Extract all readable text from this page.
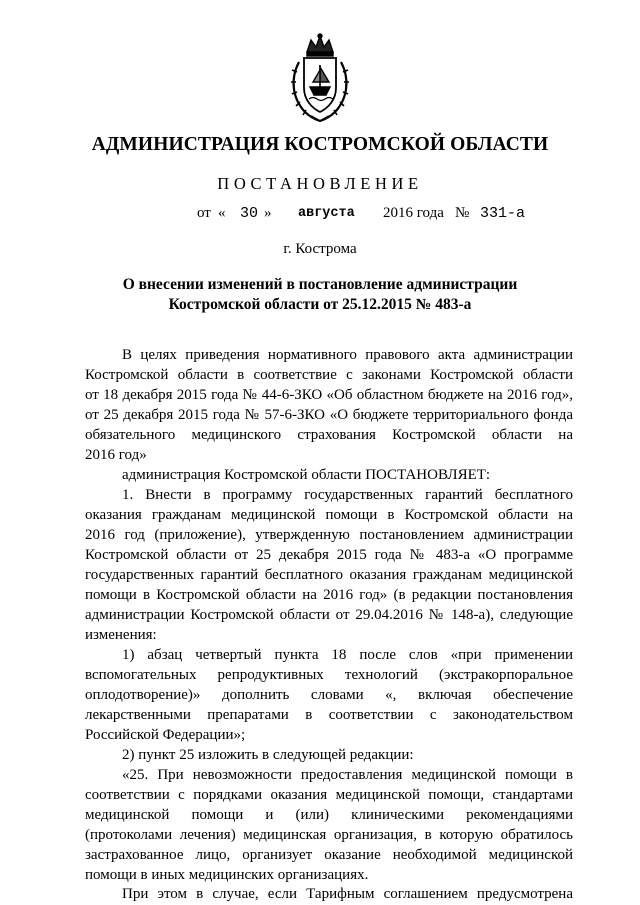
АДМИНИСТРАЦИЯ КОСТРОМСКОЙ ОБЛАСТИ
ПОСТАНОВЛЕНИЕ
от « 30 » августа 2016 года № 331-а
г. Кострома
О внесении изменений в постановление администрации
Костромской области от 25.12.2015 № 483-а
В целях приведения нормативного правового акта администрации
Костромской области в соответствие с законами Костромской области
от 18 декабря 2015 года № 44-6-ЗКО «Об областном бюджете на 2016 год»,
от 25 декабря 2015 года № 57-6-ЗКО «О бюджете территориального фонда
обязательного медицинского страхования Костромской области на
2016 год»
администрация Костромской области ПОСТАНОВЛЯЕТ:
1. Внести в программу государственных гарантий бесплатного
оказания гражданам медицинской помощи в Костромской области на
2016 год (приложение), утвержденную постановлением администрации
Костромской области от 25 декабря 2015 года № 483-а «О программе
государственных гарантий бесплатного оказания гражданам медицинской
помощи в Костромской области на 2016 год» (в редакции постановления
администрации Костромской области от 29.04.2016 № 148-а), следующие
изменения:
1) абзац четвертый пункта 18 после слов «при применении
вспомогательных репродуктивных технологий (экстракорпоральное
оплодотворение)» дополнить словами «, включая обеспечение
лекарственными препаратами в соответствии с законодательством
Российской Федерации»;
2) пункт 25 изложить в следующей редакции:
«25. При невозможности предоставления медицинской помощи в
соответствии с порядками оказания медицинской помощи, стандартами
медицинской помощи и (или) клиническими рекомендациями
(протоколами лечения) медицинская организация, в которую обратилось
застрахованное лицо, организует оказание необходимой медицинской
помощи в иных медицинских организациях.
При этом в случае, если Тарифным соглашением предусмотрена
